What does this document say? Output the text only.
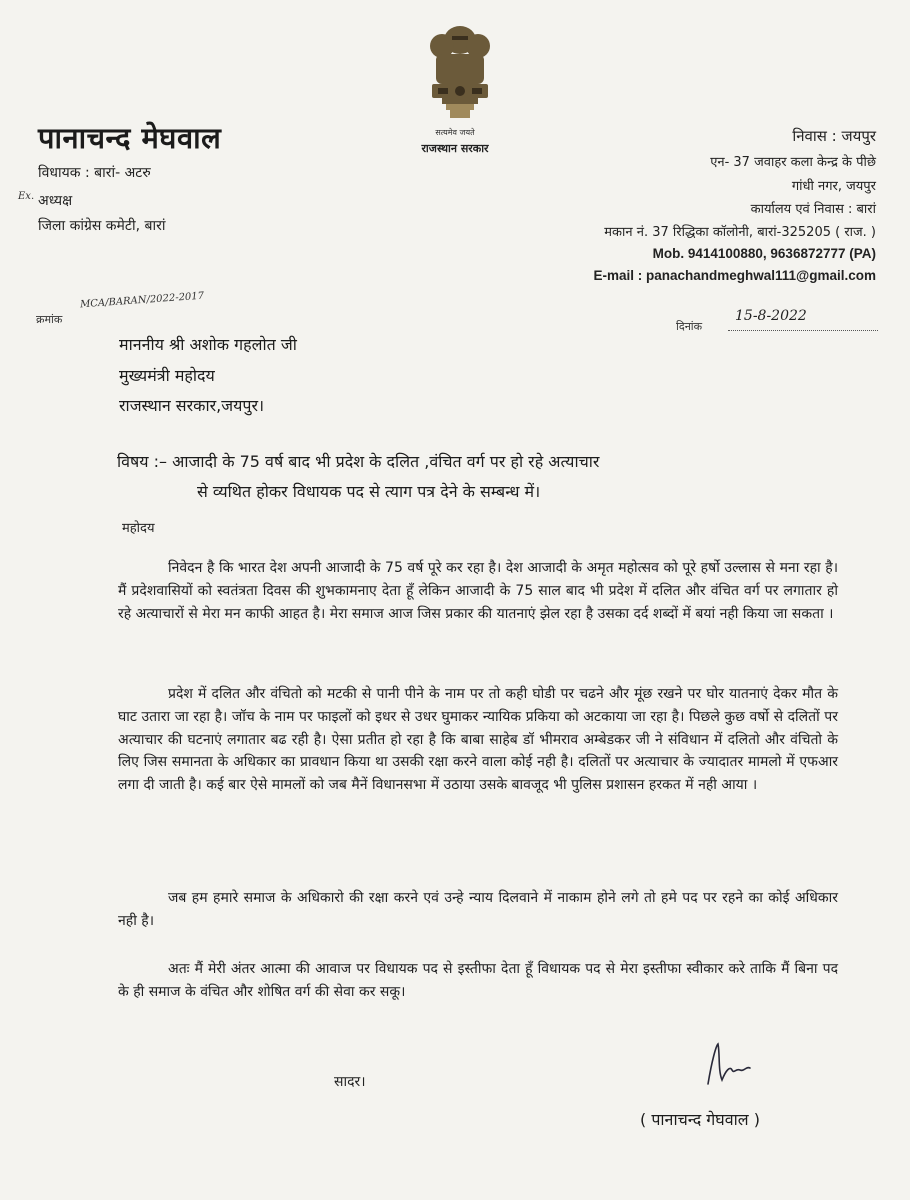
सत्यमेव जयते
राजस्थान सरकार
पानाचन्द मेघवाल
विधायक : बारां- अटरु
Ex. अध्यक्ष
जिला कांग्रेस कमेटी, बारां
निवास : जयपुर
एन- 37 जवाहर कला केन्द्र के पीछे
गांधी नगर, जयपुर
कार्यालय एवं निवास : बारां
मकान नं. 37 रिद्धिका कॉलोनी, बारां-325205 ( राज. )
Mob. 9414100880, 9636872777 (PA)
E-mail : panachandmeghwal111@gmail.com
MCA/BARAN/2022-2017
क्रमांक
दिनांक
15-8-2022
माननीय श्री अशोक गहलोत जी
मुख्यमंत्री महोदय
राजस्थान सरकार,जयपुर।
विषय :– आजादी के 75 वर्ष बाद भी प्रदेश के दलित ,वंचित वर्ग पर हो रहे अत्याचार
से व्यथित होकर विधायक पद से त्याग पत्र देने के सम्बन्ध में।
महोदय

निवेदन है कि भारत देश अपनी आजादी के 75 वर्ष पूरे कर रहा है। देश आजादी के अमृत महोत्सव को पूरे हर्षो उल्लास से मना रहा है। मैं प्रदेशवासियों को स्वतंत्रता दिवस की शुभकामनाए देता हूँ लेकिन आजादी के 75 साल बाद भी प्रदेश में दलित और वंचित वर्ग पर लगातार हो रहे अत्याचारों से मेरा मन काफी आहत है। मेरा समाज आज जिस प्रकार की यातनाएं झेल रहा है उसका दर्द शब्दों में बयां नही किया जा सकता ।

प्रदेश में दलित और वंचितो को मटकी से पानी पीने के नाम पर तो कही घोडी पर चढने और मूंछ रखने पर घोर यातनाएं देकर मौत के घाट उतारा जा रहा है। जॉच के नाम पर फाइलों को इधर से उधर घुमाकर न्यायिक प्रकिया को अटकाया जा रहा है। पिछले कुछ वर्षो से दलितों पर अत्याचार की घटनाएं लगातार बढ रही है। ऐसा प्रतीत हो रहा है कि बाबा साहेब डॉ भीमराव अम्बेडकर जी ने संविधान में दलितो और वंचितो के लिए जिस समानता के अधिकार का प्रावधान किया था उसकी रक्षा करने वाला कोई नही है। दलितों पर अत्याचार के ज्यादातर मामलो में एफआर लगा दी जाती है। कई बार ऐसे मामलों को जब मैनें विधानसभा में उठाया उसके बावजूद भी पुलिस प्रशासन हरकत में नही आया ।

जब हम हमारे समाज के अधिकारो की रक्षा करने एवं उन्हे न्याय दिलवाने में नाकाम होने लगे तो हमे पद पर रहने का कोई अधिकार नही है।

अतः मैं मेरी अंतर आत्मा की आवाज पर विधायक पद से इस्तीफा देता हूँ विधायक पद से मेरा इस्तीफा स्वीकार करे ताकि मैं बिना पद के ही समाज के वंचित और शोषित वर्ग की सेवा कर सकू।

सादर।
( पानाचन्द गेघवाल )
